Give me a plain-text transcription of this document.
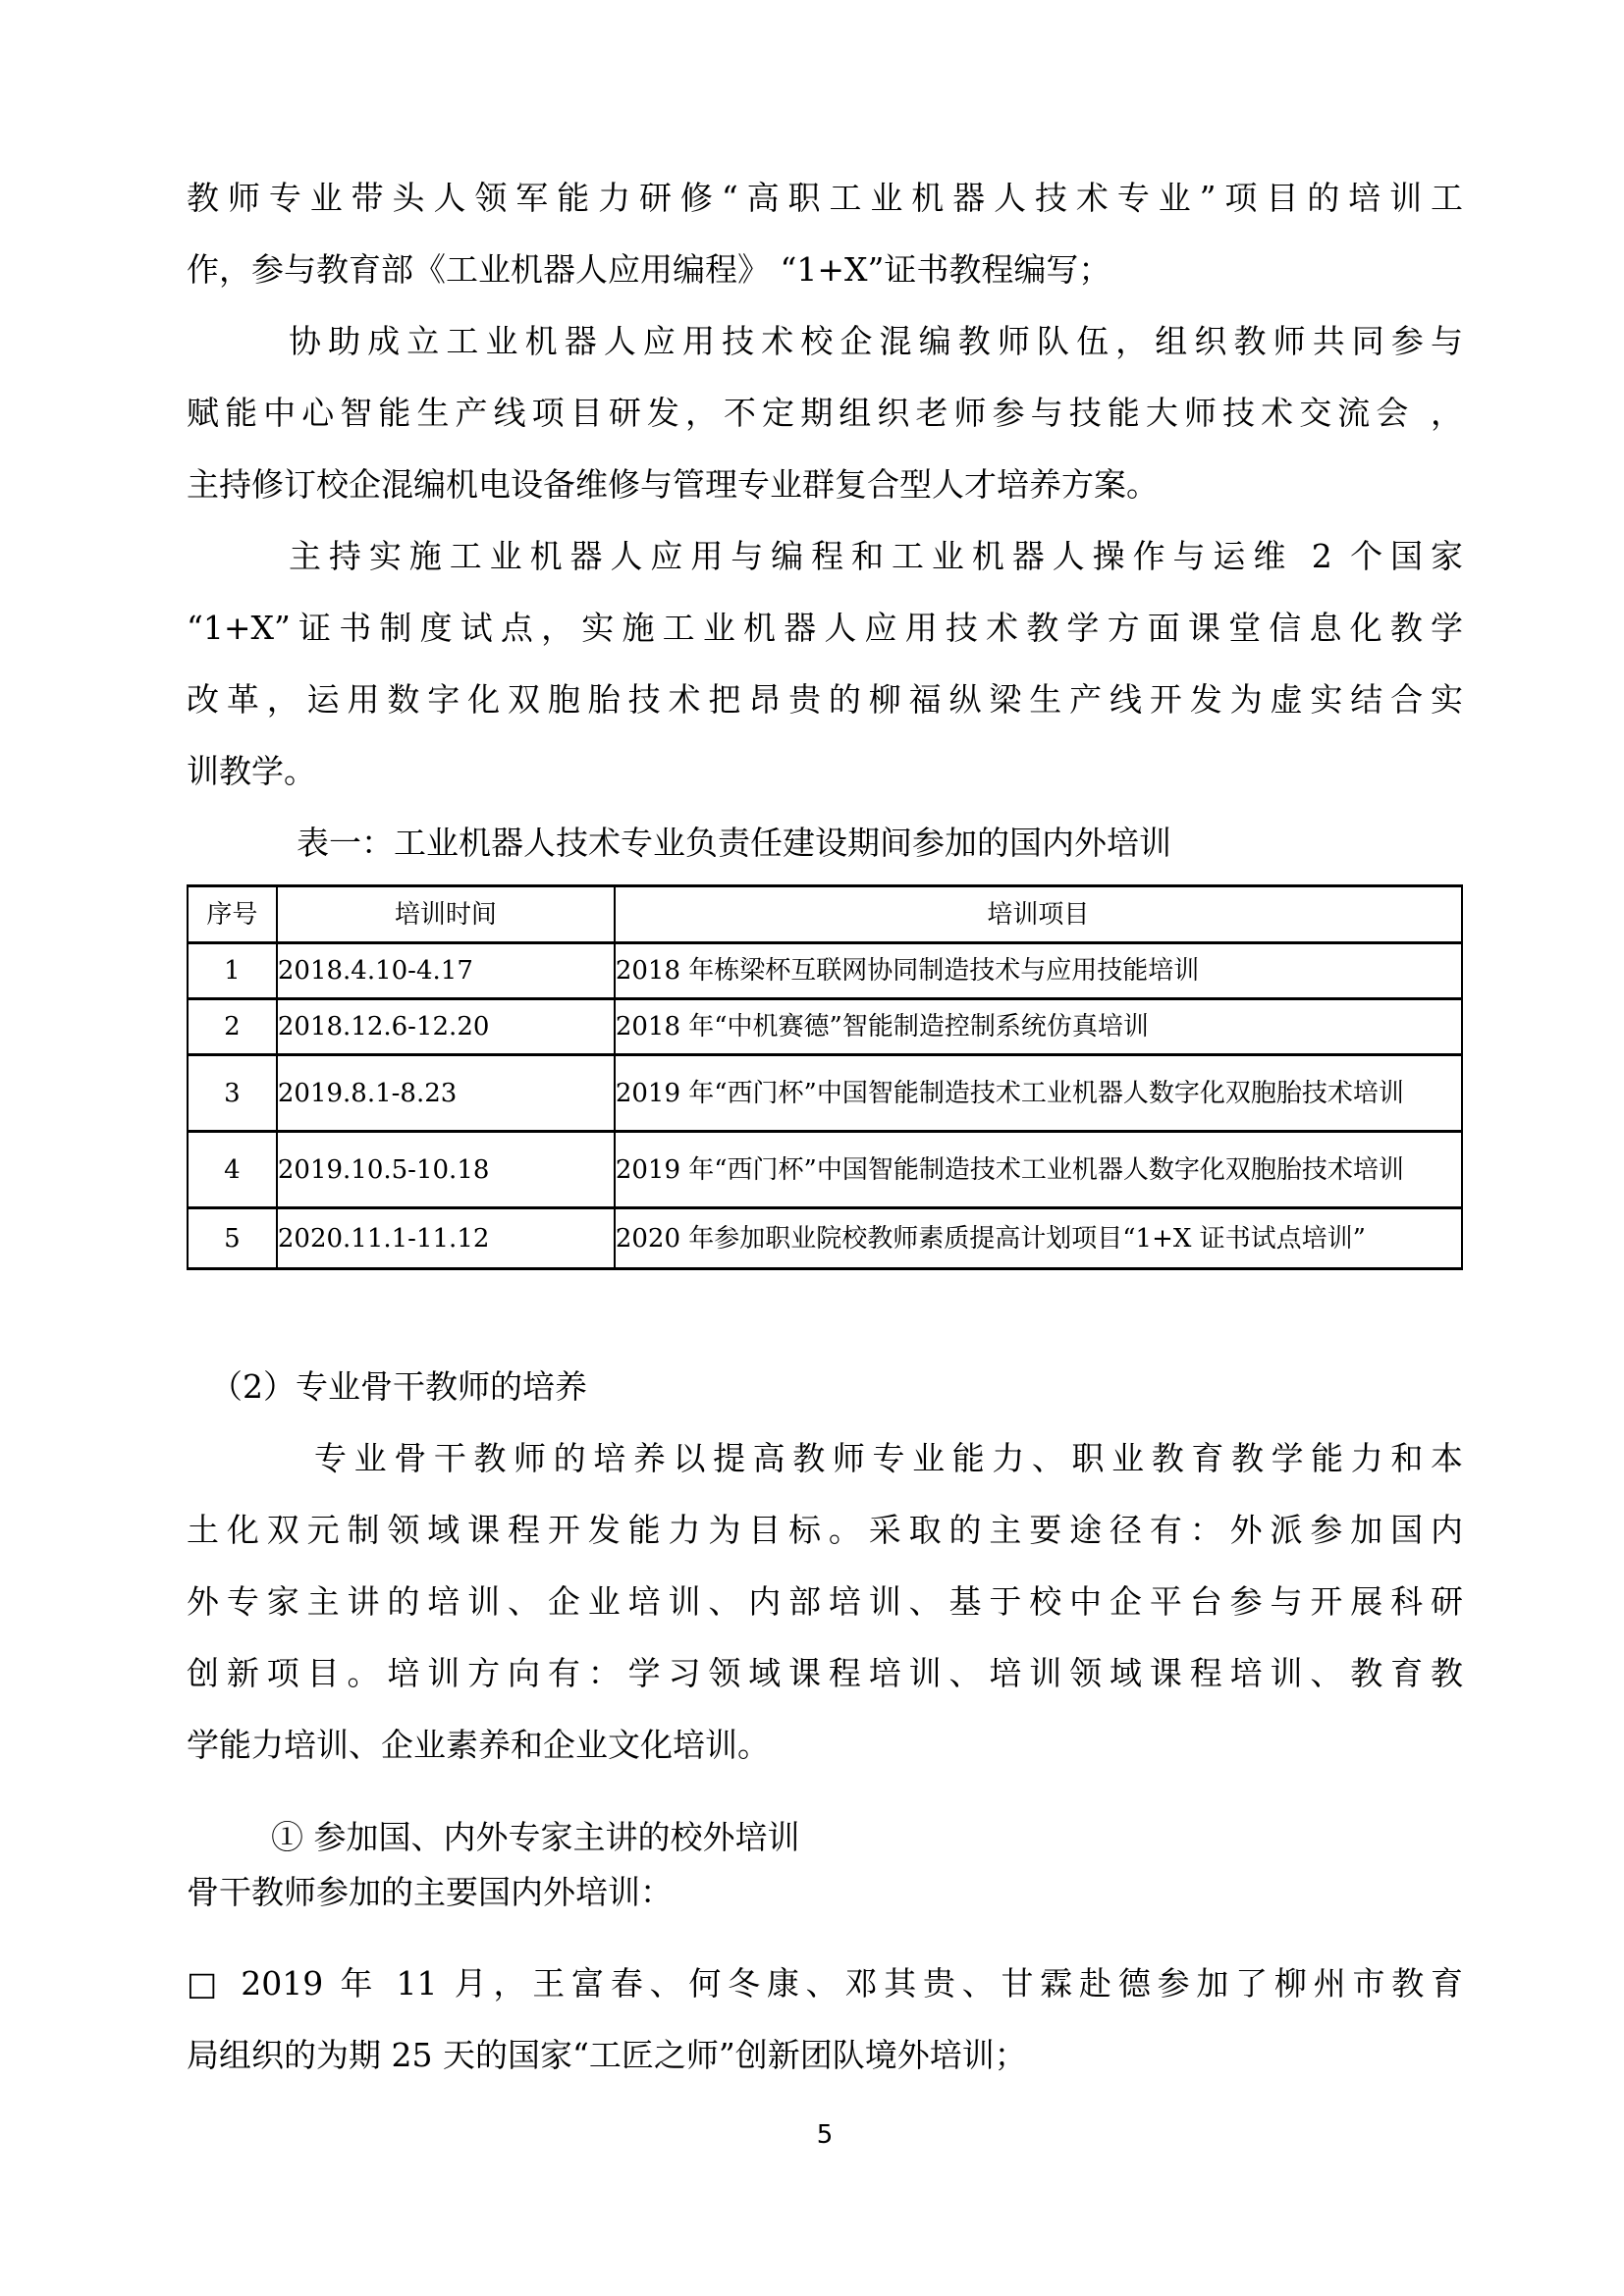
教师专业带头人领军能力研修“高职工业机器人技术专业”项目的培训工
作，参与教育部《工业机器人应用编程》 “1+X”证书教程编写；
协助成立工业机器人应用技术校企混编教师队伍，组织教师共同参与
赋能中心智能生产线项目研发，不定期组织老师参与技能大师技术交流会 ，
主持修订校企混编机电设备维修与管理专业群复合型人才培养方案。
主持实施工业机器人应用与编程和工业机器人操作与运维 2 个国家
“1+X”证书制度试点，实施工业机器人应用技术教学方面课堂信息化教学
改革，运用数字化双胞胎技术把昂贵的柳福纵梁生产线开发为虚实结合实
训教学。
表一：工业机器人技术专业负责任建设期间参加的国内外培训
序号	培训时间	培训项目
1	2018.4.10-4.17	2018 年栋梁杯互联网协同制造技术与应用技能培训
2	2018.12.6-12.20	2018 年“中机赛德”智能制造控制系统仿真培训
3	2019.8.1-8.23	2019 年“西门杯”中国智能制造技术工业机器人数字化双胞胎技术培训
4	2019.10.5-10.18	2019 年“西门杯”中国智能制造技术工业机器人数字化双胞胎技术培训
5	2020.11.1-11.12	2020 年参加职业院校教师素质提高计划项目“1+X 证书试点培训”
（2）专业骨干教师的培养
专业骨干教师的培养以提高教师专业能力、职业教育教学能力和本
土化双元制领域课程开发能力为目标。采取的主要途径有：外派参加国内
外专家主讲的培训、企业培训、内部培训、基于校中企平台参与开展科研
创新项目。培训方向有：学习领域课程培训、培训领域课程培训、教育教
学能力培训、企业素养和企业文化培训。
① 参加国、内外专家主讲的校外培训
骨干教师参加的主要国内外培训：
□ 2019 年 11 月，王富春、何冬康、邓其贵、甘霖赴德参加了柳州市教育
局组织的为期 25 天的国家“工匠之师”创新团队境外培训；
5
